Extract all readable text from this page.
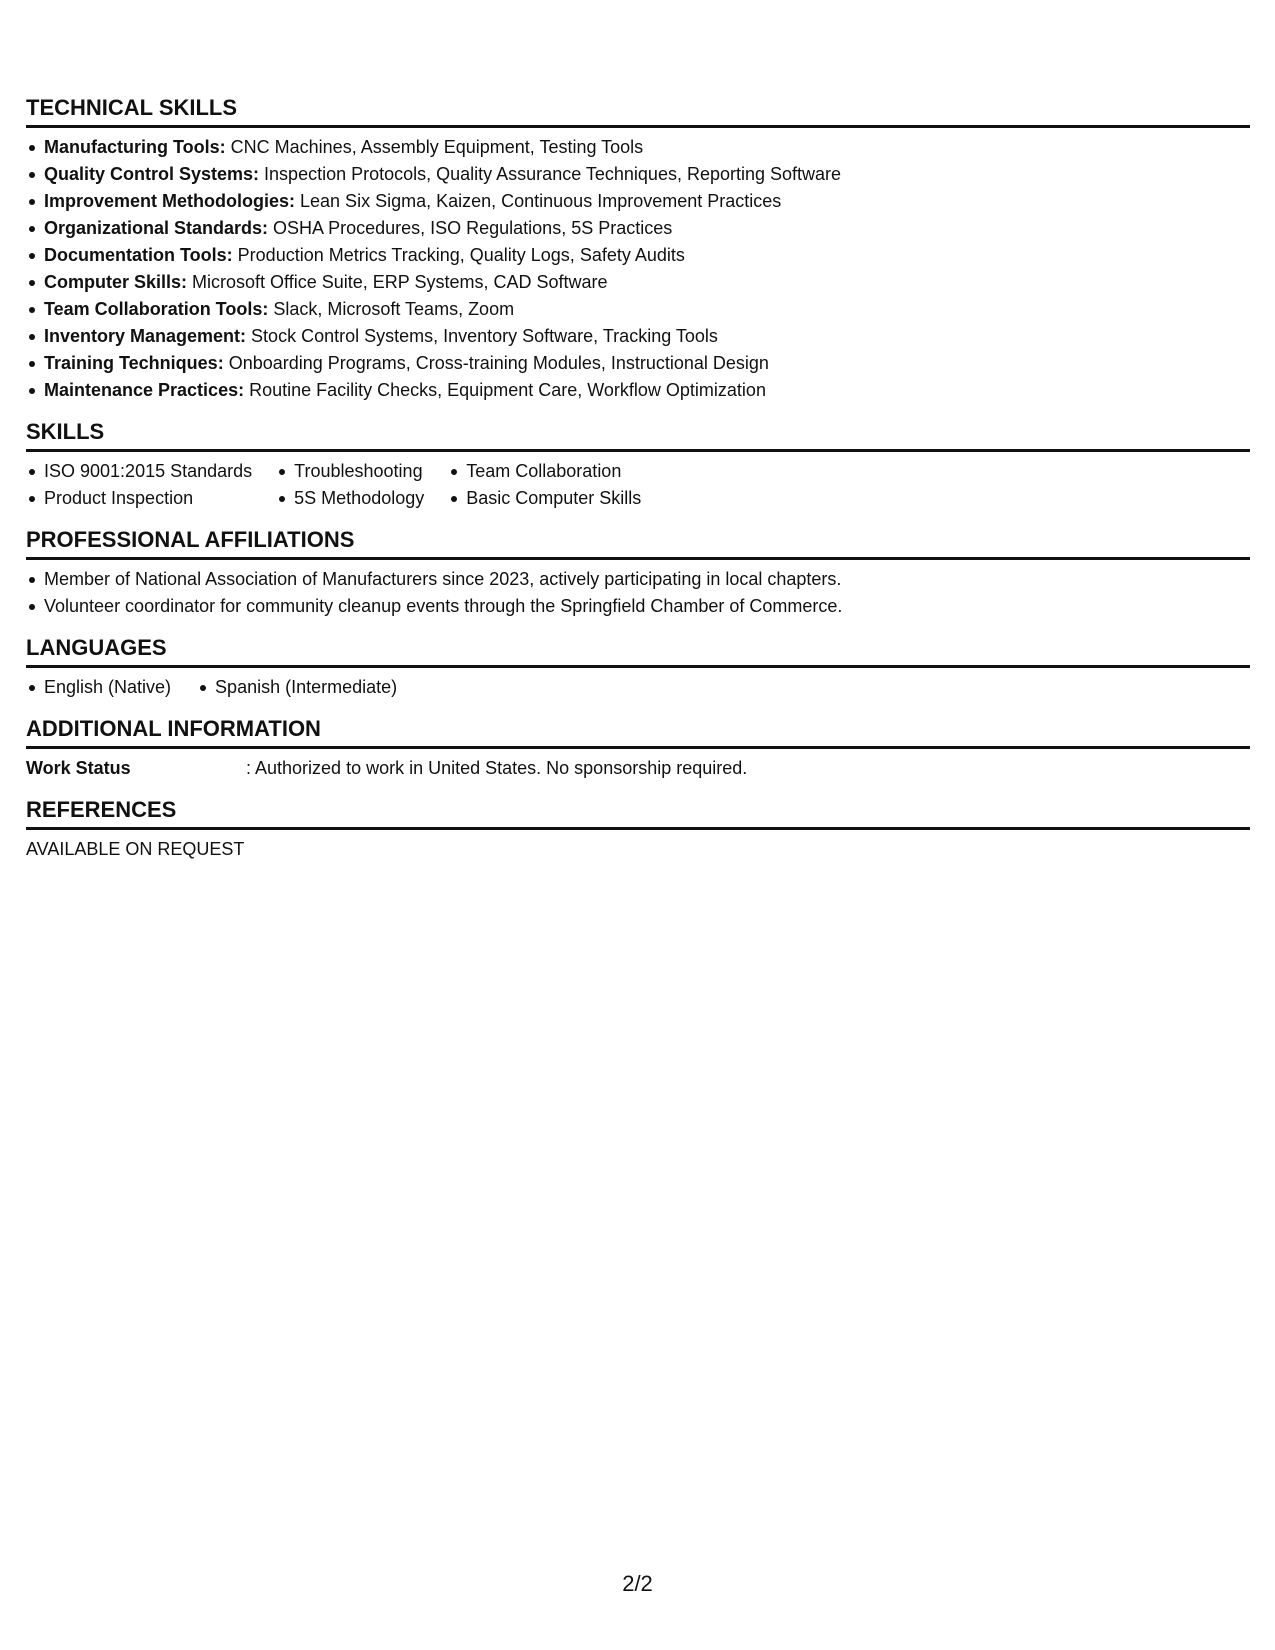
TECHNICAL SKILLS
Manufacturing Tools: CNC Machines, Assembly Equipment, Testing Tools
Quality Control Systems: Inspection Protocols, Quality Assurance Techniques, Reporting Software
Improvement Methodologies: Lean Six Sigma, Kaizen, Continuous Improvement Practices
Organizational Standards: OSHA Procedures, ISO Regulations, 5S Practices
Documentation Tools: Production Metrics Tracking, Quality Logs, Safety Audits
Computer Skills: Microsoft Office Suite, ERP Systems, CAD Software
Team Collaboration Tools: Slack, Microsoft Teams, Zoom
Inventory Management: Stock Control Systems, Inventory Software, Tracking Tools
Training Techniques: Onboarding Programs, Cross-training Modules, Instructional Design
Maintenance Practices: Routine Facility Checks, Equipment Care, Workflow Optimization
SKILLS
ISO 9001:2015 Standards
Product Inspection
Troubleshooting
5S Methodology
Team Collaboration
Basic Computer Skills
PROFESSIONAL AFFILIATIONS
Member of National Association of Manufacturers since 2023, actively participating in local chapters.
Volunteer coordinator for community cleanup events through the Springfield Chamber of Commerce.
LANGUAGES
English (Native)	Spanish (Intermediate)
ADDITIONAL INFORMATION
Work Status	: Authorized to work in United States. No sponsorship required.
REFERENCES
AVAILABLE ON REQUEST
2/2
